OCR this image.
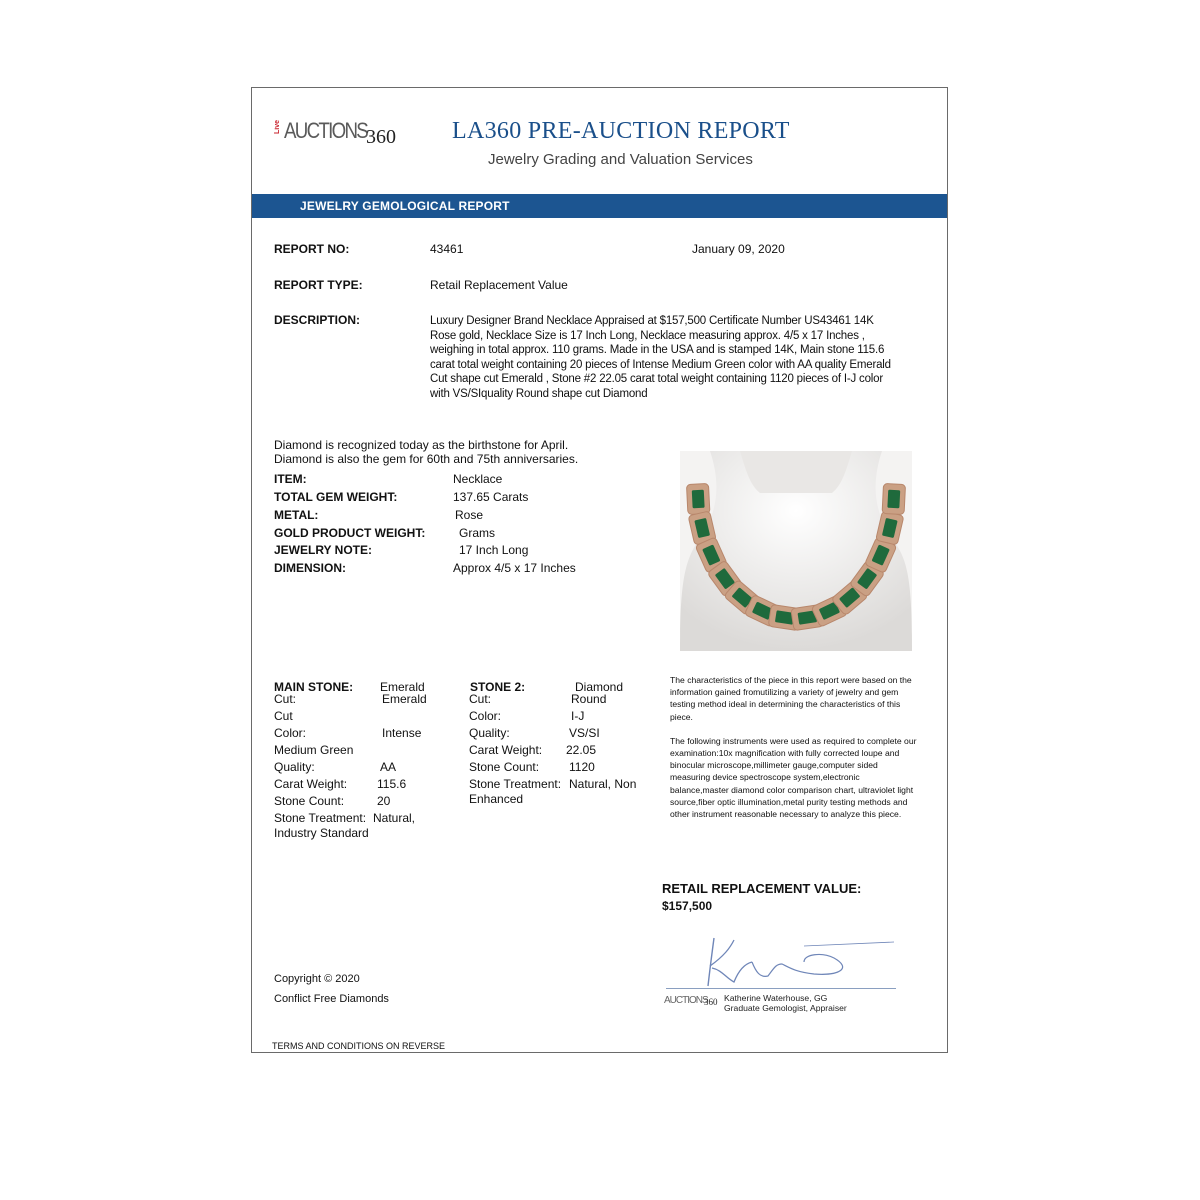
Live AUCTIONS
360 LA360 PRE-AUCTION REPORT
Jewelry Grading and Valuation Services
JEWELRY GEMOLOGICAL REPORT
REPORT NO:	43461	January 09, 2020
REPORT TYPE:	Retail Replacement Value
DESCRIPTION:	Luxury Designer Brand Necklace Appraised at $157,500 Certificate Number US43461 14K Rose gold, Necklace Size is 17 Inch Long, Necklace measuring approx. 4/5 x 17 Inches , weighing in total approx. 110 grams. Made in the USA and is stamped 14K, Main stone 115.6 carat total weight containing 20 pieces of Intense Medium Green color with AA quality Emerald Cut shape cut Emerald , Stone #2 22.05 carat total weight containing 1120 pieces of I-J color with VS/SIquality Round shape cut Diamond
Diamond is recognized today as the birthstone for April.
Diamond is also the gem for 60th and 75th anniversaries.
ITEM:	Necklace
TOTAL GEM WEIGHT:	137.65 Carats
METAL:	Rose
GOLD PRODUCT WEIGHT:	Grams
JEWELRY NOTE:	17 Inch Long
DIMENSION:	Approx 4/5 x 17 Inches
MAIN STONE: Emerald
Cut:	Emerald
Cut
Color:	Intense
Medium Green
Quality:	AA
Carat Weight: 115.6
Stone Count:	20
Stone Treatment: Natural,
Industry Standard
STONE 2:	Diamond
Cut:	Round
Color:	I-J
Quality:	VS/SI
Carat Weight: 22.05
Stone Count: 1120
Stone Treatment: Natural, Non
Enhanced
The characteristics of the piece in this report were based on the information gained fromutilizing a variety of jewelry and gem testing method ideal in determining the characteristics of this piece.
The following instruments were used as required to complete our examination:10x magnification with fully corrected loupe and binocular microscope,millimeter gauge,computer sided measuring device spectroscope system,electronic balance,master diamond color comparison chart, ultraviolet light source,fiber optic illumination,metal purity testing methods and other instrument reasonable necessary to analyze this piece.
RETAIL REPLACEMENT VALUE:
$157,500
AUCTIONS
360 Katherine Waterhouse, GG
Graduate Gemologist, Appraiser
Copyright © 2020
Conflict Free Diamonds
TERMS AND CONDITIONS ON REVERSE
